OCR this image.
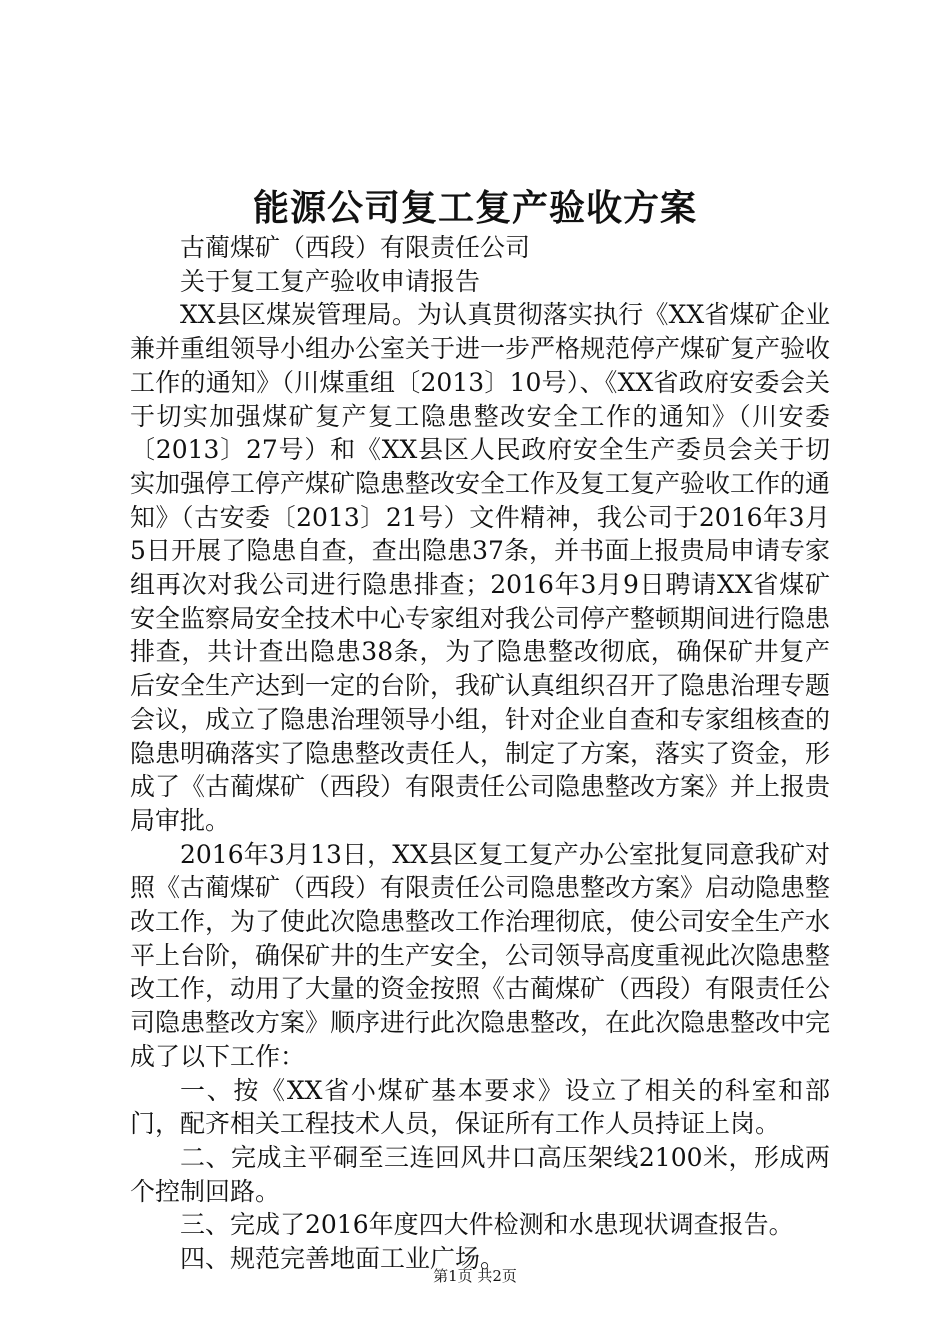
能源公司复工复产验收方案

古蔺煤矿（西段）有限责任公司

关于复工复产验收申请报告

XX县区煤炭管理局。为认真贯彻落实执行《XX省煤矿企业兼并重组领导小组办公室关于进一步严格规范停产煤矿复产验收工作的通知》（川煤重组〔2013〕10号）、《XX省政府安委会关于切实加强煤矿复产复工隐患整改安全工作的通知》（川安委〔2013〕27号）和《XX县区人民政府安全生产委员会关于切实加强停工停产煤矿隐患整改安全工作及复工复产验收工作的通知》（古安委〔2013〕21号）文件精神，我公司于2016年3月5日开展了隐患自查，查出隐患37条，并书面上报贵局申请专家组再次对我公司进行隐患排查；2016年3月9日聘请XX省煤矿安全监察局安全技术中心专家组对我公司停产整顿期间进行隐患排查，共计查出隐患38条，为了隐患整改彻底，确保矿井复产后安全生产达到一定的台阶，我矿认真组织召开了隐患治理专题会议，成立了隐患治理领导小组，针对企业自查和专家组核查的隐患明确落实了隐患整改责任人，制定了方案，落实了资金，形成了《古蔺煤矿（西段）有限责任公司隐患整改方案》并上报贵局审批。

2016年3月13日，XX县区复工复产办公室批复同意我矿对照《古蔺煤矿（西段）有限责任公司隐患整改方案》启动隐患整改工作，为了使此次隐患整改工作治理彻底，使公司安全生产水平上台阶，确保矿井的生产安全，公司领导高度重视此次隐患整改工作，动用了大量的资金按照《古蔺煤矿（西段）有限责任公司隐患整改方案》顺序进行此次隐患整改，在此次隐患整改中完成了以下工作：

一、按《XX省小煤矿基本要求》设立了相关的科室和部门，配齐相关工程技术人员，保证所有工作人员持证上岗。

二、完成主平硐至三连回风井口高压架线2100米，形成两个控制回路。

三、完成了2016年度四大件检测和水患现状调查报告。

四、规范完善地面工业广场。

第1页 共2页
